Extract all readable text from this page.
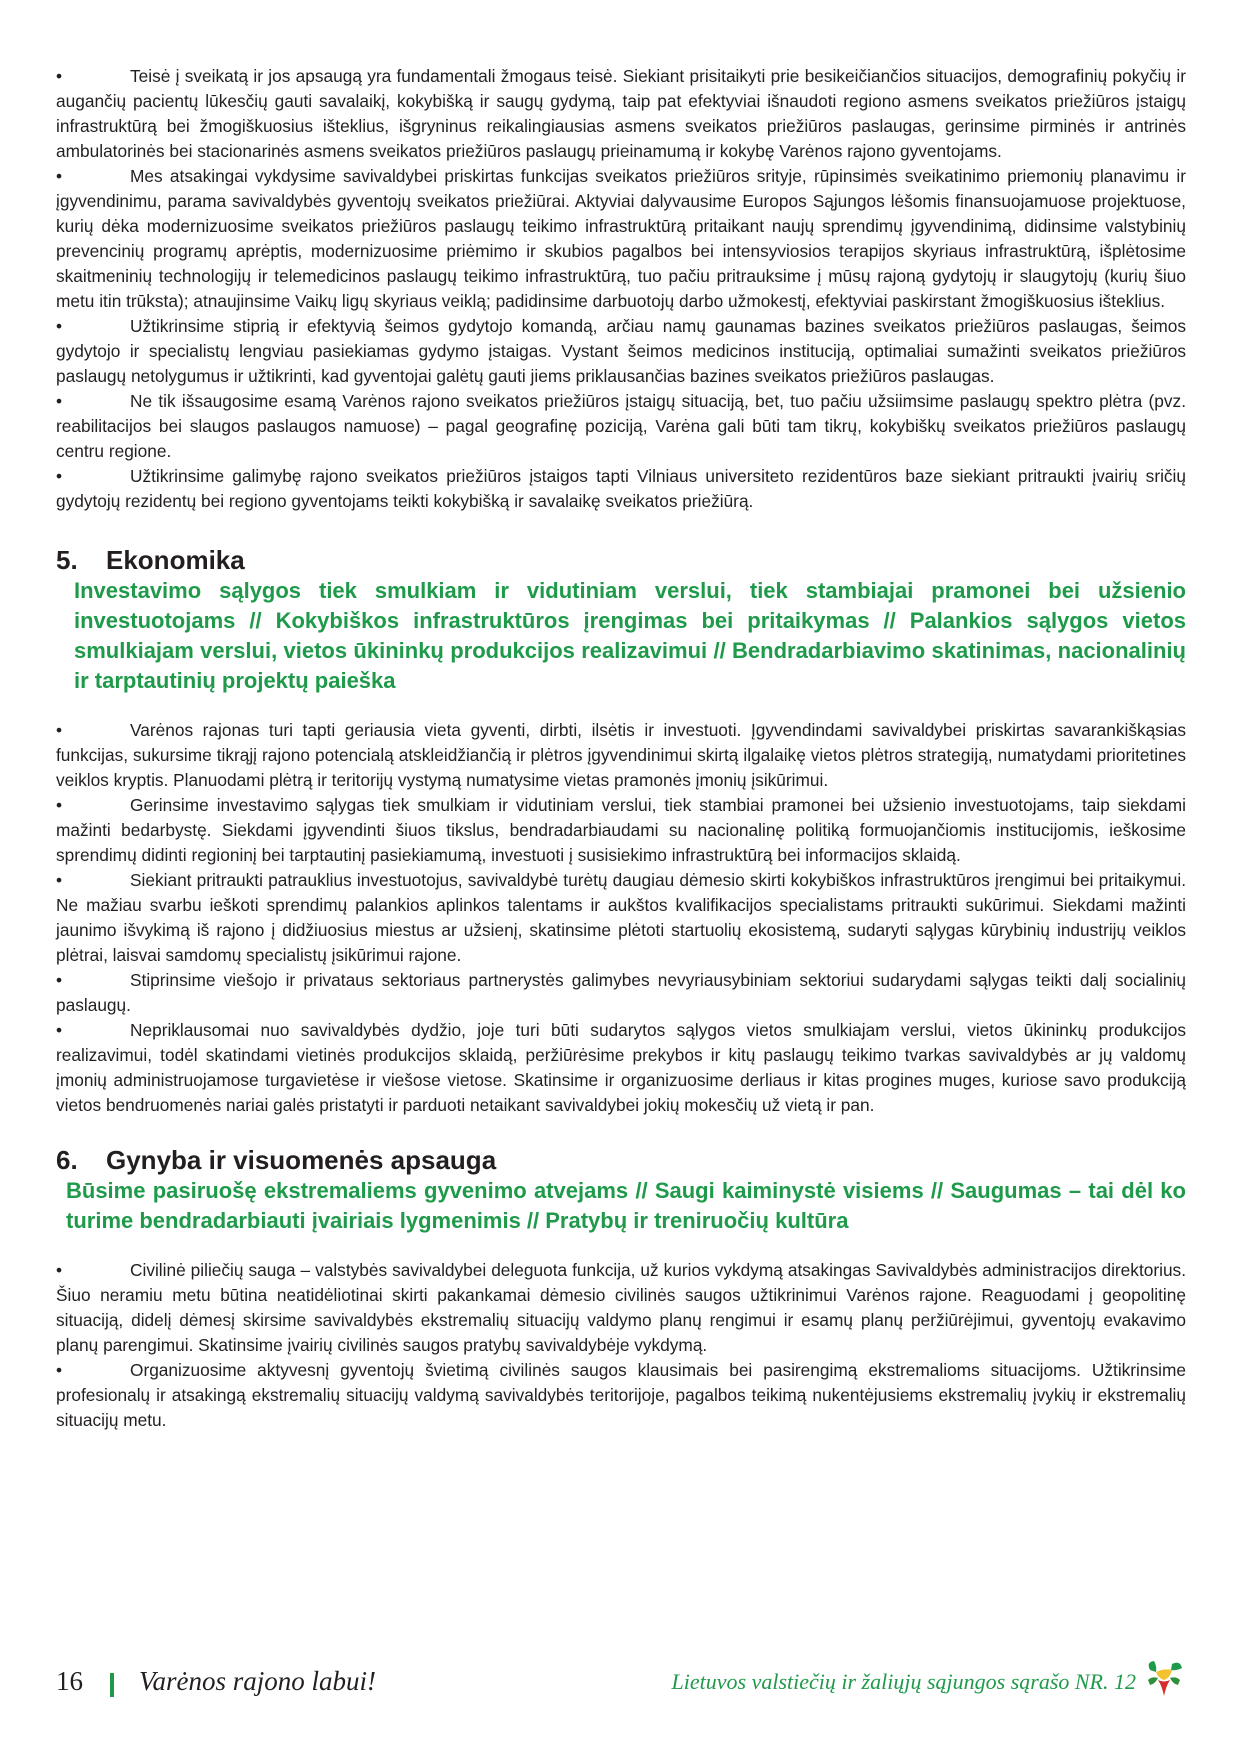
•	Teisė į sveikatą ir jos apsaugą yra fundamentali žmogaus teisė. Siekiant prisitaikyti prie besikeičiančios situacijos, demografinių pokyčių ir augančių pacientų lūkesčių gauti savalaikį, kokybišką ir saugų gydymą, taip pat efektyviai išnaudoti regiono asmens sveikatos priežiūros įstaigų infrastruktūrą bei žmogiškuosius išteklius, išgryninus reikalingiausias asmens sveikatos priežiūros paslaugas, gerinsime pirminės ir antrinės ambulatorinės bei stacionarinės asmens sveikatos priežiūros paslaugų prieinamumą ir kokybę Varėnos rajono gyventojams.

•	Mes atsakingai vykdysime savivaldybei priskirtas funkcijas sveikatos priežiūros srityje, rūpinsimės sveikatinimo priemonių planavimu ir įgyvendinimu, parama savivaldybės gyventojų sveikatos priežiūrai. Aktyviai dalyvausime Europos Sąjungos lėšomis finansuojamuose projektuose, kurių dėka modernizuosime sveikatos priežiūros paslaugų teikimo infrastruktūrą pritaikant naujų sprendimų įgyvendinimą, didinsime valstybinių prevencinių programų aprėptis, modernizuosime priėmimo ir skubios pagalbos bei intensyviosios terapijos skyriaus infrastruktūrą, išplėtosime skaitmeninių technologijų ir telemedicinos paslaugų teikimo infrastruktūrą, tuo pačiu pritrauksime į mūsų rajoną gydytojų ir slaugytojų (kurių šiuo metu itin trūksta); atnaujinsime Vaikų ligų skyriaus veiklą; padidinsime darbuotojų darbo užmokestį, efektyviai paskirstant žmogiškuosius išteklius.

•	Užtikrinsime stiprią ir efektyvią šeimos gydytojo komandą, arčiau namų gaunamas bazines sveikatos priežiūros paslaugas, šeimos gydytojo ir specialistų lengviau pasiekiamas gydymo įstaigas. Vystant šeimos medicinos instituciją, optimaliai sumažinti sveikatos priežiūros paslaugų netolygumus ir užtikrinti, kad gyventojai galėtų gauti jiems priklausančias bazines sveikatos priežiūros paslaugas.

•	Ne tik išsaugosime esamą Varėnos rajono sveikatos priežiūros įstaigų situaciją, bet, tuo pačiu užsiimsime paslaugų spektro plėtra (pvz. reabilitacijos bei slaugos paslaugos namuose) – pagal geografinę poziciją, Varėna gali būti tam tikrų, kokybiškų sveikatos priežiūros paslaugų centru regione.

•	Užtikrinsime galimybę rajono sveikatos priežiūros įstaigos tapti Vilniaus universiteto rezidentūros baze siekiant pritraukti įvairių sričių gydytojų rezidentų bei regiono gyventojams teikti kokybišką ir savalaikę sveikatos priežiūrą.

5. Ekonomika

Investavimo sąlygos tiek smulkiam ir vidutiniam verslui, tiek stambiajai pramonei bei užsienio investuotojams // Kokybiškos infrastruktūros įrengimas bei pritaikymas // Palankios sąlygos vietos smulkiajam verslui, vietos ūkininkų produkcijos realizavimui // Bendradarbiavimo skatinimas, nacionalinių ir tarptautinių projektų paieška

•	Varėnos rajonas turi tapti geriausia vieta gyventi, dirbti, ilsėtis ir investuoti. Įgyvendindami savivaldybei priskirtas savarankiškąsias funkcijas, sukursime tikrąjį rajono potencialą atskleidžiančią ir plėtros įgyvendinimui skirtą ilgalaikę vietos plėtros strategiją, numatydami prioritetines veiklos kryptis. Planuodami plėtrą ir teritorijų vystymą numatysime vietas pramonės įmonių įsikūrimui.

•	Gerinsime investavimo sąlygas tiek smulkiam ir vidutiniam verslui, tiek stambiai pramonei bei užsienio investuotojams, taip siekdami mažinti bedarbystę. Siekdami įgyvendinti šiuos tikslus, bendradarbiaudami su nacionalinę politiką formuojančiomis institucijomis, ieškosime sprendimų didinti regioninį bei tarptautinį pasiekiamumą, investuoti į susisiekimo infrastruktūrą bei informacijos sklaidą.

•	Siekiant pritraukti patrauklius investuotojus, savivaldybė turėtų daugiau dėmesio skirti kokybiškos infrastruktūros įrengimui bei pritaikymui. Ne mažiau svarbu ieškoti sprendimų palankios aplinkos talentams ir aukštos kvalifikacijos specialistams pritraukti sukūrimui. Siekdami mažinti jaunimo išvykimą iš rajono į didžiuosius miestus ar užsienį, skatinsime plėtoti startuolių ekosistemą, sudaryti sąlygas kūrybinių industrijų veiklos plėtrai, laisvai samdomų specialistų įsikūrimui rajone.

•	Stiprinsime viešojo ir privataus sektoriaus partnerystės galimybes nevyriausybiniam sektoriui sudarydami sąlygas teikti dalį socialinių paslaugų.

•	Nepriklausomai nuo savivaldybės dydžio, joje turi būti sudarytos sąlygos vietos smulkiajam verslui, vietos ūkininkų produkcijos realizavimui, todėl skatindami vietinės produkcijos sklaidą, peržiūrėsime prekybos ir kitų paslaugų teikimo tvarkas savivaldybės ar jų valdomų įmonių administruojamose turgavietėse ir viešose vietose. Skatinsime ir organizuosime derliaus ir kitas progines muges, kuriose savo produkciją vietos bendruomenės nariai galės pristatyti ir parduoti netaikant savivaldybei jokių mokesčių už vietą ir pan.

6. Gynyba ir visuomenės apsauga

Būsime pasiruošę ekstremaliems gyvenimo atvejams // Saugi kaiminystė visiems // Saugumas – tai dėl ko turime bendradarbiauti įvairiais lygmenimis // Pratybų ir treniruočių kultūra

•	Civilinė piliečių sauga – valstybės savivaldybei deleguota funkcija, už kurios vykdymą atsakingas Savivaldybės administracijos direktorius. Šiuo neramiu metu būtina neatidėliotinai skirti pakankamai dėmesio civilinės saugos užtikrinimui Varėnos rajone. Reaguodami į geopolitinę situaciją, didelį dėmesį skirsime savivaldybės ekstremalių situacijų valdymo planų rengimui ir esamų planų peržiūrėjimui, gyventojų evakavimo planų parengimui. Skatinsime įvairių civilinės saugos pratybų savivaldybėje vykdymą.

•	Organizuosime aktyvesnį gyventojų švietimą civilinės saugos klausimais bei pasirengimą ekstremalioms situacijoms. Užtikrinsime profesionalų ir atsakingą ekstremalių situacijų valdymą savivaldybės teritorijoje, pagalbos teikimą nukentėjusiems ekstremalių įvykių ir ekstremalių situacijų metu.

16 Varėnos rajono labui!	Lietuvos valstiečių ir žaliųjų sąjungos sąrašo NR. 12
